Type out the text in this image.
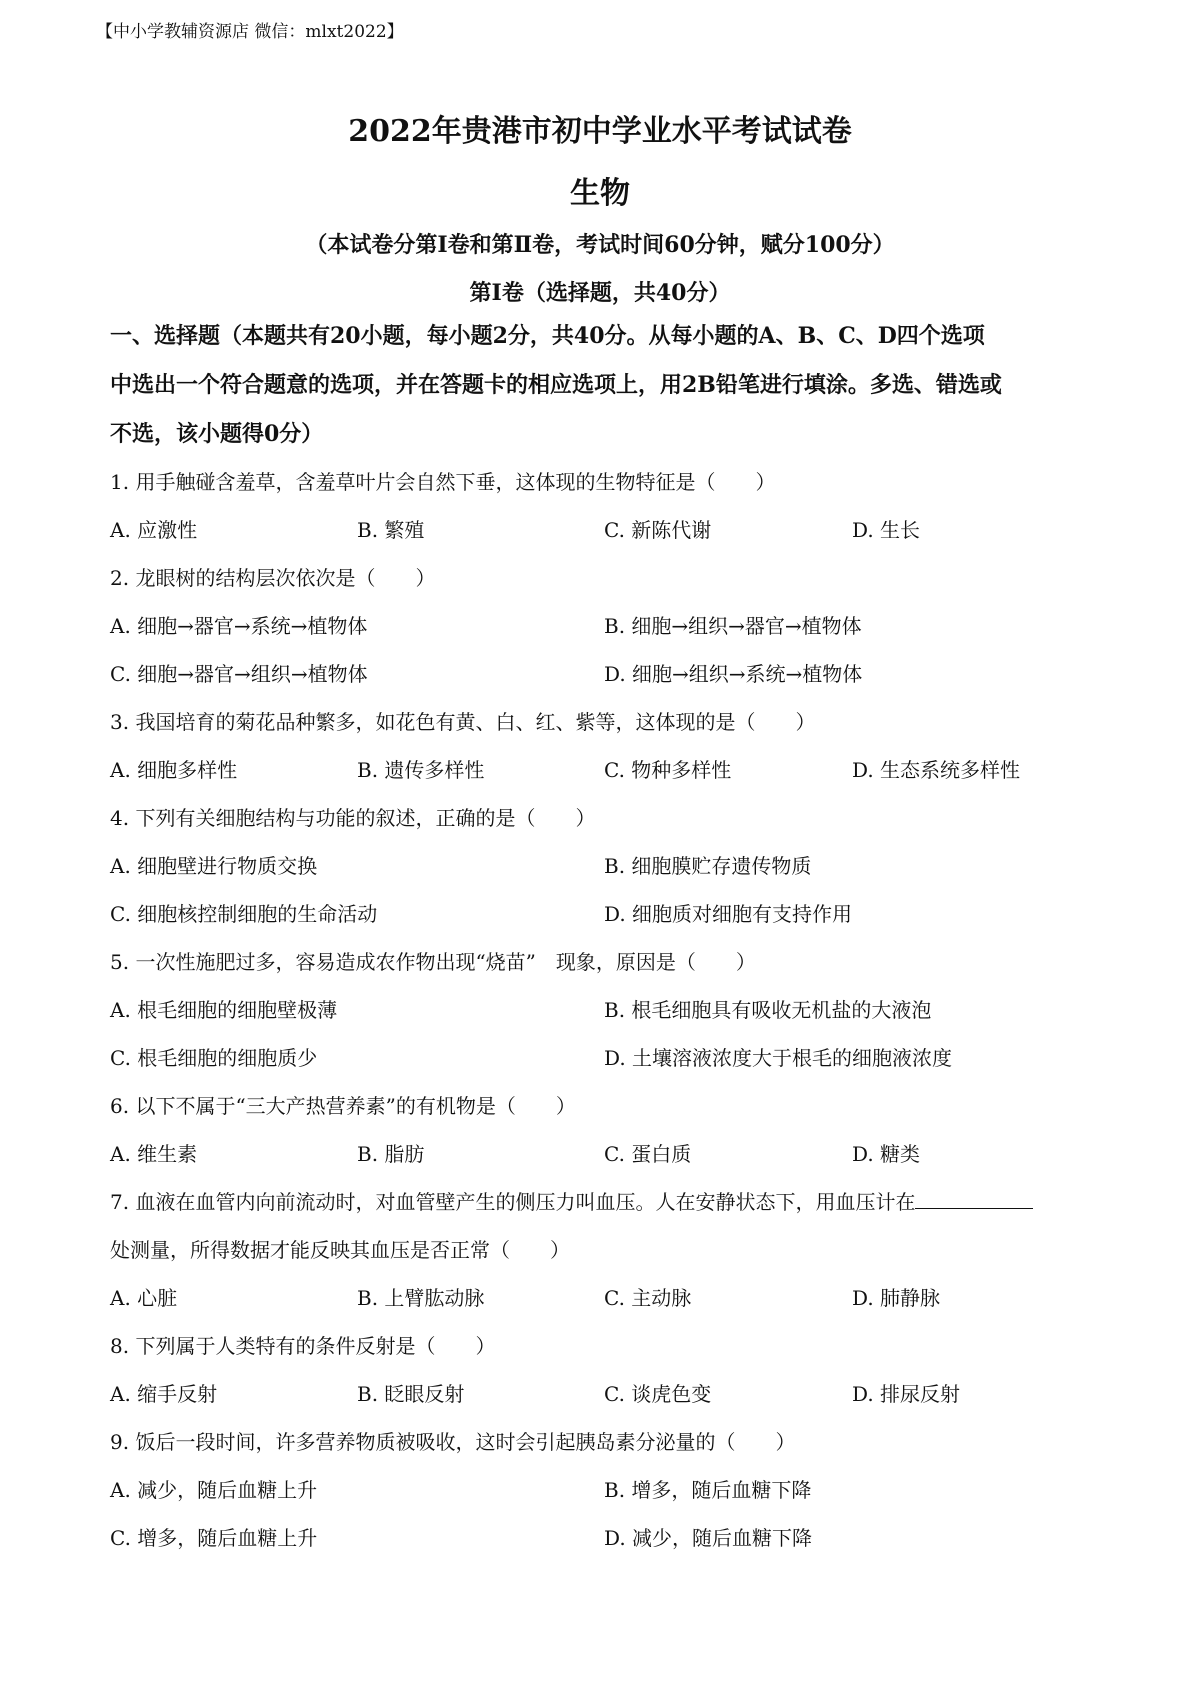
【中小学教辅资源店 微信：mlxt2022】
2022年贵港市初中学业水平考试试卷
生物
（本试卷分第Ⅰ卷和第Ⅱ卷，考试时间60分钟，赋分100分）
第Ⅰ卷（选择题，共40分）
一、选择题（本题共有20小题，每小题2分，共40分。从每小题的A、B、C、D四个选项
中选出一个符合题意的选项，并在答题卡的相应选项上，用2B铅笔进行填涂。多选、错选或
不选，该小题得0分）
1. 用手触碰含羞草，含羞草叶片会自然下垂，这体现的生物特征是（　　）
A. 应激性	B. 繁殖	C. 新陈代谢	D. 生长
2. 龙眼树的结构层次依次是（　　）
A. 细胞→器官→系统→植物体	B. 细胞→组织→器官→植物体
C. 细胞→器官→组织→植物体	D. 细胞→组织→系统→植物体
3. 我国培育的菊花品种繁多，如花色有黄、白、红、紫等，这体现的是（　　）
A. 细胞多样性	B. 遗传多样性	C. 物种多样性	D. 生态系统多样性
4. 下列有关细胞结构与功能的叙述，正确的是（　　）
A. 细胞壁进行物质交换	B. 细胞膜贮存遗传物质
C. 细胞核控制细胞的生命活动	D. 细胞质对细胞有支持作用
5. 一次性施肥过多，容易造成农作物出现“烧苗”　现象，原因是（　　）
A. 根毛细胞的细胞壁极薄	B. 根毛细胞具有吸收无机盐的大液泡
C. 根毛细胞的细胞质少	D. 土壤溶液浓度大于根毛的细胞液浓度
6. 以下不属于“三大产热营养素”的有机物是（　　）
A. 维生素	B. 脂肪	C. 蛋白质	D. 糖类
7. 血液在血管内向前流动时，对血管壁产生的侧压力叫血压。人在安静状态下，用血压计在
处测量，所得数据才能反映其血压是否正常（　　）
A. 心脏	B. 上臂肱动脉	C. 主动脉	D. 肺静脉
8. 下列属于人类特有的条件反射是（　　）
A. 缩手反射	B. 眨眼反射	C. 谈虎色变	D. 排尿反射
9. 饭后一段时间，许多营养物质被吸收，这时会引起胰岛素分泌量的（　　）
A. 减少，随后血糖上升	B. 增多，随后血糖下降
C. 增多，随后血糖上升	D. 减少，随后血糖下降
